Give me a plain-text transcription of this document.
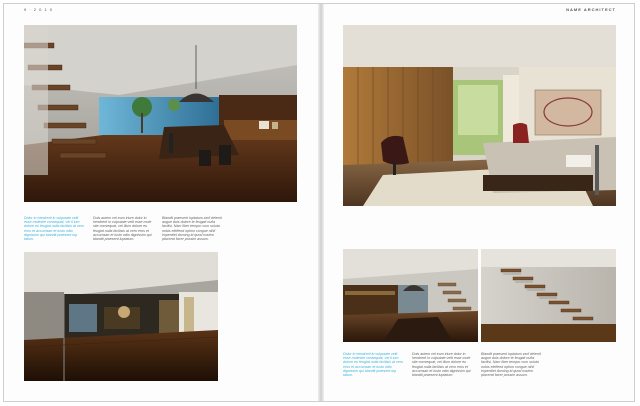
9 · 2 0 1 0	NAME ARCHITECT
Dolor in hendrerit in vulputate velit esse molestie consequat, vel il lum dolore eu feugiat nulla facilisis at vero eros et accumsan et iusto odio dignissim qui blandit praesent lup tatum.
Duis autem vel eum iriure dolor in hendrerit in vulputate velit esse mole stie consequat, vel illum dolore eu feugiat nulla facilisis at vero eros et accumsan et iusto odio dignissim qui blandit praesent luptatum.
Blandit praesent luptatum zzril delenit augue duis dolore te feugait nulla facilisi. Nam liber tempor cum soluta nobis eleifend option congue nihil imperdiet doming id quod mazim placerat facer possim assum.
Dolor in hendrerit in vulputate velit esse molestie consequat, vel il lum dolore eu feugiat nulla facilisis at vero eros et accumsan et iusto odio dignissim qui blandit praesent lup tatum.
Duis autem vel eum iriure dolor in hendrerit in vulputate velit esse mole stie consequat, vel illum dolore eu feugiat nulla facilisis at vero eros et accumsan et iusto odio dignissim qui blandit praesent luptatum.
Blandit praesent luptatum zzril delenit augue duis dolore te feugait nulla facilisi. Nam liber tempor cum soluta nobis eleifend option congue nihil imperdiet doming id quod mazim placerat facer possim assum.
